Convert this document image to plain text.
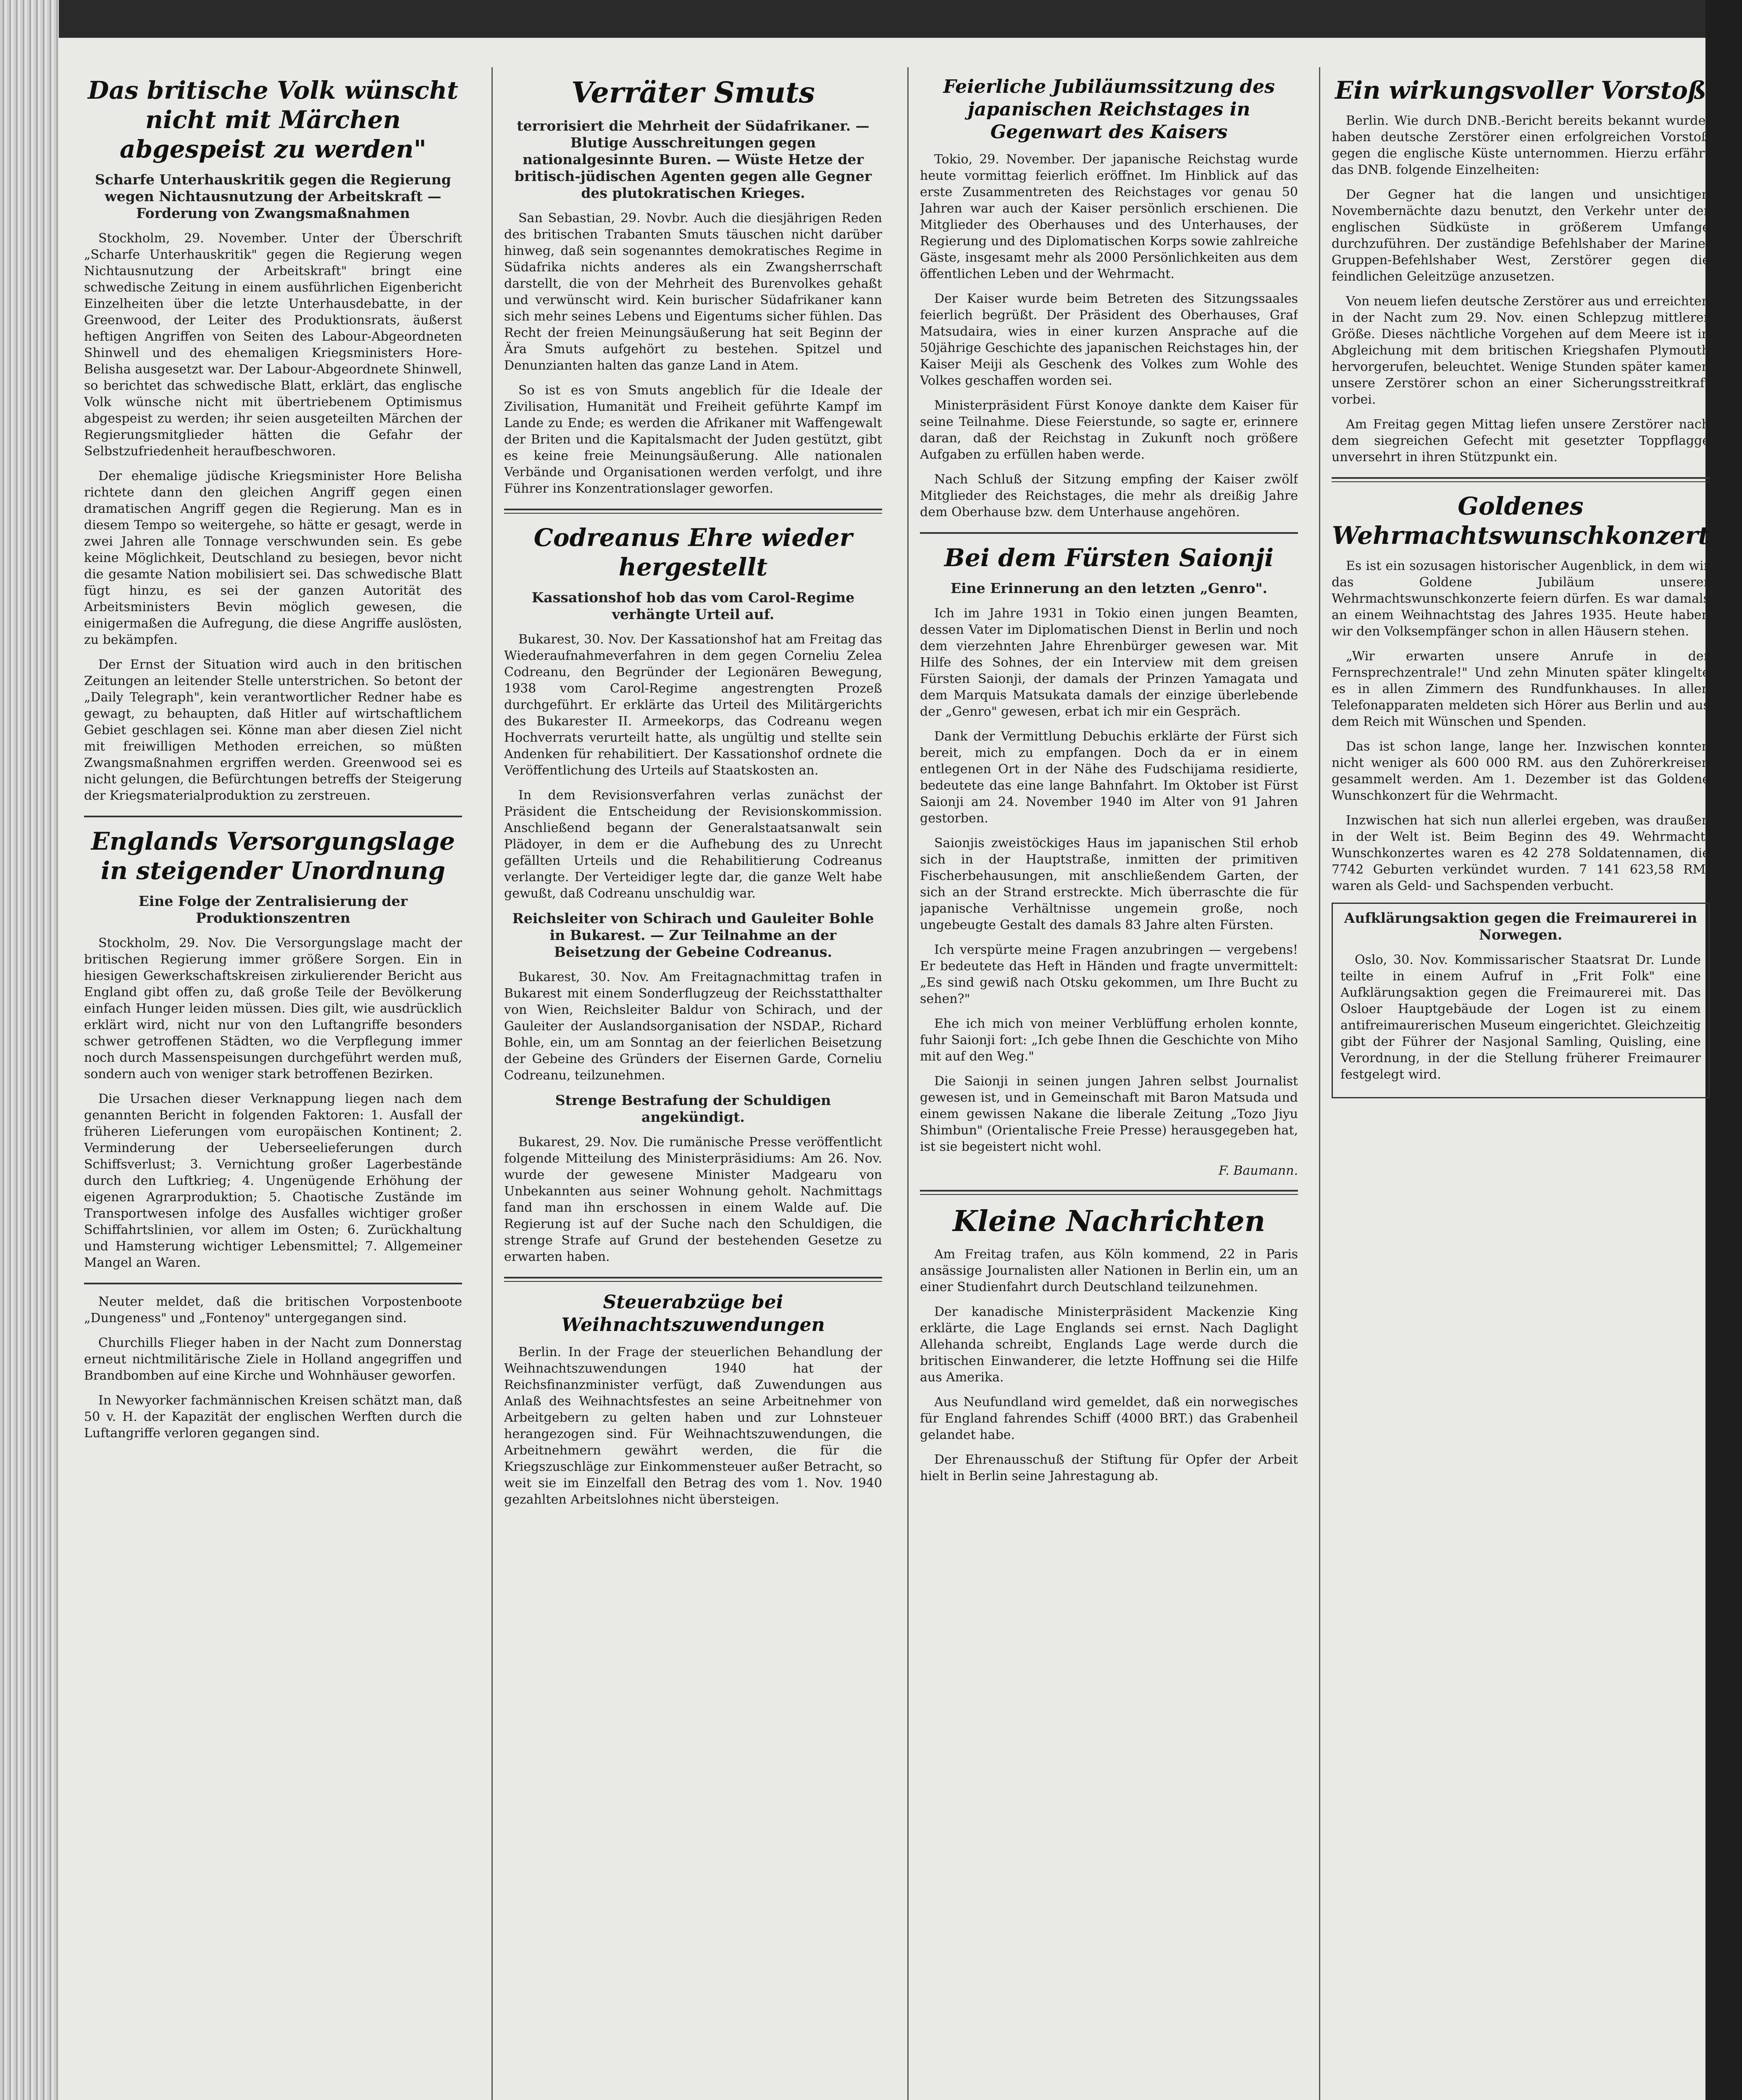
Das britische Volk wünscht nicht mit Märchen abgespeist zu werden"
Scharfe Unterhauskritik gegen die Regierung wegen Nichtausnutzung der Arbeitskraft — Forderung von Zwangsmaßnahmen

Stockholm, 29. November. Unter der Überschrift „Scharfe Unterhauskritik" gegen die Regierung wegen Nichtausnutzung der Arbeitskraft" bringt eine schwedische Zeitung in einem ausführlichen Eigenbericht Einzelheiten über die letzte Unterhausdebatte, in der Greenwood, der Leiter des Produktionsrats, äußerst heftigen Angriffen von Seiten des Labour-Abgeordneten Shinwell und des ehemaligen Kriegsministers Hore-Belisha ausgesetzt war. Der Labour-Abgeordnete Shinwell, so berichtet das schwedische Blatt, erklärt, das englische Volk wünsche nicht mit übertriebenem Optimismus abgespeist zu werden; ihr seien ausgeteilten Märchen der Regierungsmitglieder hätten die Gefahr der Selbstzufriedenheit heraufbeschworen.

Der ehemalige jüdische Kriegsminister Hore Belisha richtete dann den gleichen Angriff gegen einen dramatischen Angriff gegen die Regierung. Man es in diesem Tempo so weitergehe, so hätte er gesagt, werde in zwei Jahren alle Tonnage verschwunden sein. Es gebe keine Möglichkeit, Deutschland zu besiegen, bevor nicht die gesamte Nation mobilisiert sei. Das schwedische Blatt fügt hinzu, es sei der ganzen Autorität des Arbeitsministers Bevin möglich gewesen, die einigermaßen die Aufregung, die diese Angriffe auslösten, zu bekämpfen.

Der Ernst der Situation wird auch in den britischen Zeitungen an leitender Stelle unterstrichen. So betont der „Daily Telegraph", kein verantwortlicher Redner habe es gewagt, zu behaupten, daß Hitler auf wirtschaftlichem Gebiet geschlagen sei. Könne man aber diesen Ziel nicht mit freiwilligen Methoden erreichen, so müßten Zwangsmaßnahmen ergriffen werden. Greenwood sei es nicht gelungen, die Befürchtungen betreffs der Steigerung der Kriegsmaterialproduktion zu zerstreuen.

Englands Versorgungslage in steigender Unordnung
Eine Folge der Zentralisierung der Produktionszentren

Stockholm, 29. Nov. Die Versorgungslage macht der britischen Regierung immer größere Sorgen. Ein in hiesigen Gewerkschaftskreisen zirkulierender Bericht aus England gibt offen zu, daß große Teile der Bevölkerung einfach Hunger leiden müssen. Dies gilt, wie ausdrücklich erklärt wird, nicht nur von den Luftangriffe besonders schwer getroffenen Städten, wo die Verpflegung immer noch durch Massenspeisungen durchgeführt werden muß, sondern auch von weniger stark betroffenen Bezirken.

Die Ursachen dieser Verknappung liegen nach dem genannten Bericht in folgenden Faktoren: 1. Ausfall der früheren Lieferungen vom europäischen Kontinent; 2. Verminderung der Ueberseelieferungen durch Schiffsverlust; 3. Vernichtung großer Lagerbestände durch den Luftkrieg; 4. Ungenügende Erhöhung der eigenen Agrarproduktion; 5. Chaotische Zustände im Transportwesen infolge des Ausfalles wichtiger großer Schiffahrtslinien, vor allem im Osten; 6. Zurückhaltung und Hamsterung wichtiger Lebensmittel; 7. Allgemeiner Mangel an Waren.

Neuter meldet, daß die britischen Vorpostenboote „Dungeness" und „Fontenoy" untergegangen sind.

Churchills Flieger haben in der Nacht zum Donnerstag erneut nichtmilitärische Ziele in Holland angegriffen und Brandbomben auf eine Kirche und Wohnhäuser geworfen.

In Newyorker fachmännischen Kreisen schätzt man, daß 50 v. H. der Kapazität der englischen Werften durch die Luftangriffe verloren gegangen sind.

Verräter Smuts
terrorisiert die Mehrheit der Südafrikaner. — Blutige Ausschreitungen gegen nationalgesinnte Buren. — Wüste Hetze der britisch-jüdischen Agenten gegen alle Gegner des plutokratischen Krieges.

San Sebastian, 29. Novbr. Auch die diesjährigen Reden des britischen Trabanten Smuts täuschen nicht darüber hinweg, daß sein sogenanntes demokratisches Regime in Südafrika nichts anderes als ein Zwangsherrschaft darstellt, die von der Mehrheit des Burenvolkes gehaßt und verwünscht wird. Kein burischer Südafrikaner kann sich mehr seines Lebens und Eigentums sicher fühlen. Das Recht der freien Meinungsäußerung hat seit Beginn der Ära Smuts aufgehört zu bestehen. Spitzel und Denunzianten halten das ganze Land in Atem.

So ist es von Smuts angeblich für die Ideale der Zivilisation, Humanität und Freiheit geführte Kampf im Lande zu Ende; es werden die Afrikaner mit Waffengewalt der Briten und die Kapitalsmacht der Juden gestützt, gibt es keine freie Meinungsäußerung. Alle nationalen Verbände und Organisationen werden verfolgt, und ihre Führer ins Konzentrationslager geworfen.

Codreanus Ehre wieder hergestellt
Kassationshof hob das vom Carol-Regime verhängte Urteil auf.

Bukarest, 30. Nov. Der Kassationshof hat am Freitag das Wiederaufnahmeverfahren in dem gegen Corneliu Zelea Codreanu, den Begründer der Legionären Bewegung, 1938 vom Carol-Regime angestrengten Prozeß durchgeführt. Er erklärte das Urteil des Militärgerichts des Bukarester II. Armeekorps, das Codreanu wegen Hochverrats verurteilt hatte, als ungültig und stellte sein Andenken für rehabilitiert. Der Kassationshof ordnete die Veröffentlichung des Urteils auf Staatskosten an.

In dem Revisionsverfahren verlas zunächst der Präsident die Entscheidung der Revisionskommission. Anschließend begann der Generalstaatsanwalt sein Plädoyer, in dem er die Aufhebung des zu Unrecht gefällten Urteils und die Rehabilitierung Codreanus verlangte. Der Verteidiger legte dar, die ganze Welt habe gewußt, daß Codreanu unschuldig war.

Reichsleiter von Schirach und Gauleiter Bohle in Bukarest. — Zur Teilnahme an der Beisetzung der Gebeine Codreanus.

Bukarest, 30. Nov. Am Freitagnachmittag trafen in Bukarest mit einem Sonderflugzeug der Reichsstatthalter von Wien, Reichsleiter Baldur von Schirach, und der Gauleiter der Auslandsorganisation der NSDAP., Richard Bohle, ein, um am Sonntag an der feierlichen Beisetzung der Gebeine des Gründers der Eisernen Garde, Corneliu Codreanu, teilzunehmen.

Strenge Bestrafung der Schuldigen angekündigt.

Bukarest, 29. Nov. Die rumänische Presse veröffentlicht folgende Mitteilung des Ministerpräsidiums: Am 26. Nov. wurde der gewesene Minister Madgearu von Unbekannten aus seiner Wohnung geholt. Nachmittags fand man ihn erschossen in einem Walde auf. Die Regierung ist auf der Suche nach den Schuldigen, die strenge Strafe auf Grund der bestehenden Gesetze zu erwarten haben.

Steuerabzüge bei Weihnachtszuwendungen

Berlin. In der Frage der steuerlichen Behandlung der Weihnachtszuwendungen 1940 hat der Reichsfinanzminister verfügt, daß Zuwendungen aus Anlaß des Weihnachtsfestes an seine Arbeitnehmer von Arbeitgebern zu gelten haben und zur Lohnsteuer herangezogen sind. Für Weihnachtszuwendungen, die Arbeitnehmern gewährt werden, die für die Kriegszuschläge zur Einkommensteuer außer Betracht, so weit sie im Einzelfall den Betrag des vom 1. Nov. 1940 gezahlten Arbeitslohnes nicht übersteigen.

Feierliche Jubiläumssitzung des japanischen Reichstages in Gegenwart des Kaisers

Tokio, 29. November. Der japanische Reichstag wurde heute vormittag feierlich eröffnet. Im Hinblick auf das erste Zusammentreten des Reichstages vor genau 50 Jahren war auch der Kaiser persönlich erschienen. Die Mitglieder des Oberhauses und des Unterhauses, der Regierung und des Diplomatischen Korps sowie zahlreiche Gäste, insgesamt mehr als 2000 Persönlichkeiten aus dem öffentlichen Leben und der Wehrmacht.

Der Kaiser wurde beim Betreten des Sitzungssaales feierlich begrüßt. Der Präsident des Oberhauses, Graf Matsudaira, wies in einer kurzen Ansprache auf die 50jährige Geschichte des japanischen Reichstages hin, der Kaiser Meiji als Geschenk des Volkes zum Wohle des Volkes geschaffen worden sei.

Ministerpräsident Fürst Konoye dankte dem Kaiser für seine Teilnahme. Diese Feierstunde, so sagte er, erinnere daran, daß der Reichstag in Zukunft noch größere Aufgaben zu erfüllen haben werde.

Nach Schluß der Sitzung empfing der Kaiser zwölf Mitglieder des Reichstages, die mehr als dreißig Jahre dem Oberhause bzw. dem Unterhause angehören.

Bei dem Fürsten Saionji
Eine Erinnerung an den letzten „Genro".

Ich im Jahre 1931 in Tokio einen jungen Beamten, dessen Vater im Diplomatischen Dienst in Berlin und noch dem vierzehnten Jahre Ehrenbürger gewesen war. Mit Hilfe des Sohnes, der ein Interview mit dem greisen Fürsten Saionji, der damals der Prinzen Yamagata und dem Marquis Matsukata damals der einzige überlebende der „Genro" gewesen, erbat ich mir ein Gespräch.

Dank der Vermittlung Debuchis erklärte der Fürst sich bereit, mich zu empfangen. Doch da er in einem entlegenen Ort in der Nähe des Fudschijama residierte, bedeutete das eine lange Bahnfahrt. Im Oktober ist Fürst Saionji am 24. November 1940 im Alter von 91 Jahren gestorben.

Saionjis zweistöckiges Haus im japanischen Stil erhob sich in der Hauptstraße, inmitten der primitiven Fischerbehausungen, mit anschließendem Garten, der sich an der Strand erstreckte. Mich überraschte die für japanische Verhältnisse ungemein große, noch ungebeugte Gestalt des damals 83 Jahre alten Fürsten.

Ich verspürte meine Fragen anzubringen — vergebens! Er bedeutete das Heft in Händen und fragte unvermittelt: „Es sind gewiß nach Otsku gekommen, um Ihre Bucht zu sehen?"

Ehe ich mich von meiner Verblüffung erholen konnte, fuhr Saionji fort: „Ich gebe Ihnen die Geschichte von Miho mit auf den Weg."

Die Saionji in seinen jungen Jahren selbst Journalist gewesen ist, und in Gemeinschaft mit Baron Matsuda und einem gewissen Nakane die liberale Zeitung „Tozo Jiyu Shimbun" (Orientalische Freie Presse) herausgegeben hat, ist sie begeistert nicht wohl.

F. Baumann.
Kleine Nachrichten

Am Freitag trafen, aus Köln kommend, 22 in Paris ansässige Journalisten aller Nationen in Berlin ein, um an einer Studienfahrt durch Deutschland teilzunehmen.

Der kanadische Ministerpräsident Mackenzie King erklärte, die Lage Englands sei ernst. Nach Daglight Allehanda schreibt, Englands Lage werde durch die britischen Einwanderer, die letzte Hoffnung sei die Hilfe aus Amerika.

Aus Neufundland wird gemeldet, daß ein norwegisches für England fahrendes Schiff (4000 BRT.) das Grabenheil gelandet habe.

Der Ehrenausschuß der Stiftung für Opfer der Arbeit hielt in Berlin seine Jahrestagung ab.

Ein wirkungsvoller Vorstoß

Berlin. Wie durch DNB.-Bericht bereits bekannt wurde, haben deutsche Zerstörer einen erfolgreichen Vorstoß gegen die englische Küste unternommen. Hierzu erfährt das DNB. folgende Einzelheiten:

Der Gegner hat die langen und unsichtigen Novembernächte dazu benutzt, den Verkehr unter der englischen Südküste in größerem Umfange durchzuführen. Der zuständige Befehlshaber der Marine-Gruppen-Befehlshaber West, Zerstörer gegen die feindlichen Geleitzüge anzusetzen.

Von neuem liefen deutsche Zerstörer aus und erreichten in der Nacht zum 29. Nov. einen Schlepzug mittlerer Größe. Dieses nächtliche Vorgehen auf dem Meere ist in Abgleichung mit dem britischen Kriegshafen Plymouth hervorgerufen, beleuchtet. Wenige Stunden später kamen unsere Zerstörer schon an einer Sicherungsstreitkraft vorbei.

Am Freitag gegen Mittag liefen unsere Zerstörer nach dem siegreichen Gefecht mit gesetzter Toppflagge unversehrt in ihren Stützpunkt ein.

Goldenes Wehrmachtswunschkonzert

Es ist ein sozusagen historischer Augenblick, in dem wir das Goldene Jubiläum unserer Wehrmachtswunschkonzerte feiern dürfen. Es war damals an einem Weihnachtstag des Jahres 1935. Heute haben wir den Volksempfänger schon in allen Häusern stehen.

„Wir erwarten unsere Anrufe in der Fernsprechzentrale!" Und zehn Minuten später klingelte es in allen Zimmern des Rundfunkhauses. In allen Telefonapparaten meldeten sich Hörer aus Berlin und aus dem Reich mit Wünschen und Spenden.

Das ist schon lange, lange her. Inzwischen konnten nicht weniger als 600 000 RM. aus den Zuhörerkreisen gesammelt werden. Am 1. Dezember ist das Goldene Wunschkonzert für die Wehrmacht.

Inzwischen hat sich nun allerlei ergeben, was draußen in der Welt ist. Beim Beginn des 49. Wehrmacht-Wunschkonzertes waren es 42 278 Soldatennamen, die 7742 Geburten verkündet wurden. 7 141 623,58 RM. waren als Geld- und Sachspenden verbucht.

Aufklärungsaktion gegen die Freimaurerei in Norwegen.

Oslo, 30. Nov. Kommissarischer Staatsrat Dr. Lunde teilte in einem Aufruf in „Frit Folk" eine Aufklärungsaktion gegen die Freimaurerei mit. Das Osloer Hauptgebäude der Logen ist zu einem antifreimaurerischen Museum eingerichtet. Gleichzeitig gibt der Führer der Nasjonal Samling, Quisling, eine Verordnung, in der die Stellung früherer Freimaurer festgelegt wird.
